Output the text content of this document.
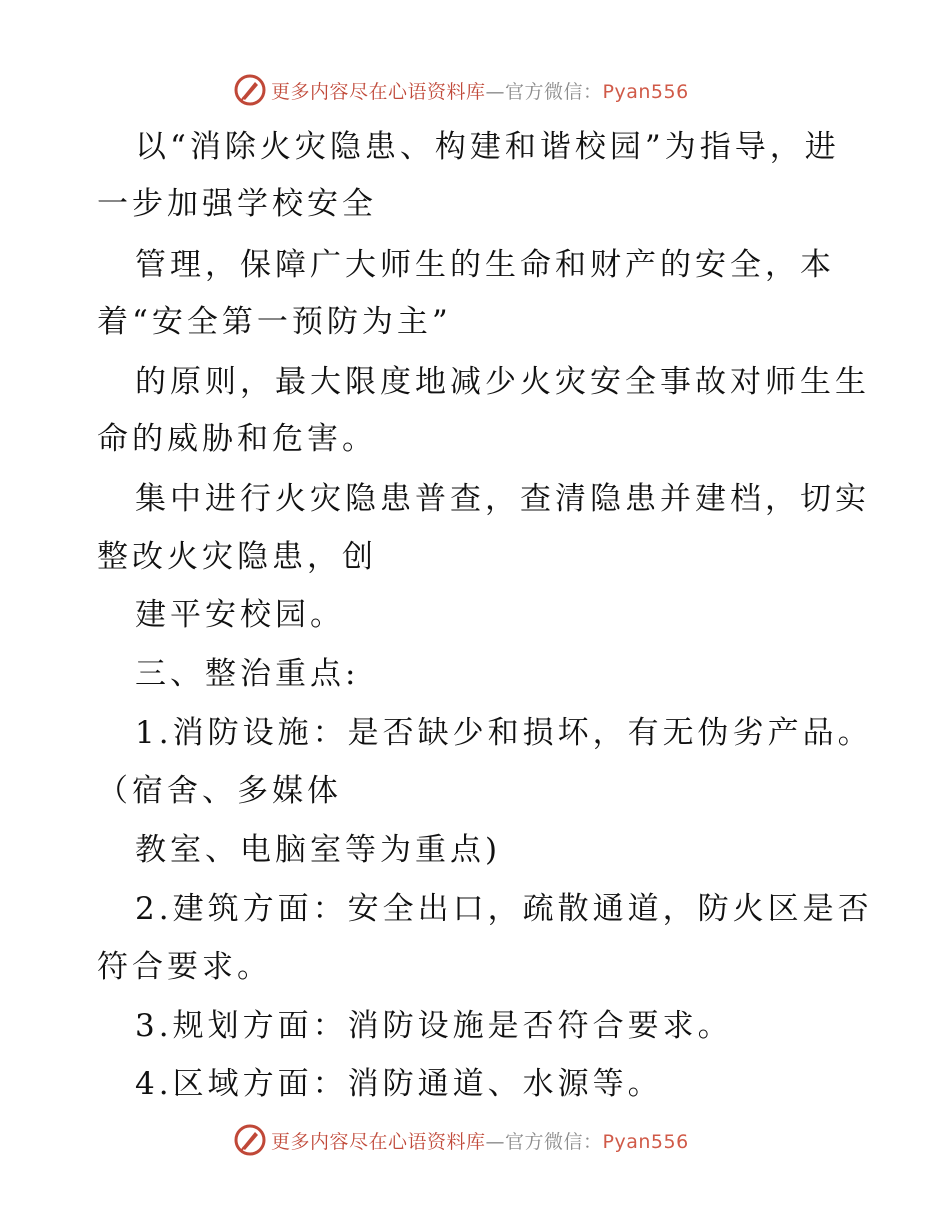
更多内容尽在心语资料库—官方微信：Pyan556
以“消除火灾隐患、构建和谐校园”为指导，进
一步加强学校安全
管理，保障广大师生的生命和财产的安全，本
着“安全第一预防为主”
的原则，最大限度地减少火灾安全事故对师生生
命的威胁和危害。
集中进行火灾隐患普查，查清隐患并建档，切实
整改火灾隐患，创
建平安校园。
三、整治重点:
1.消防设施：是否缺少和损坏，有无伪劣产品。
（宿舍、多媒体
教室、电脑室等为重点)
2.建筑方面：安全出口，疏散通道，防火区是否
符合要求。
3.规划方面：消防设施是否符合要求。
4.区域方面：消防通道、水源等。
更多内容尽在心语资料库—官方微信：Pyan556
